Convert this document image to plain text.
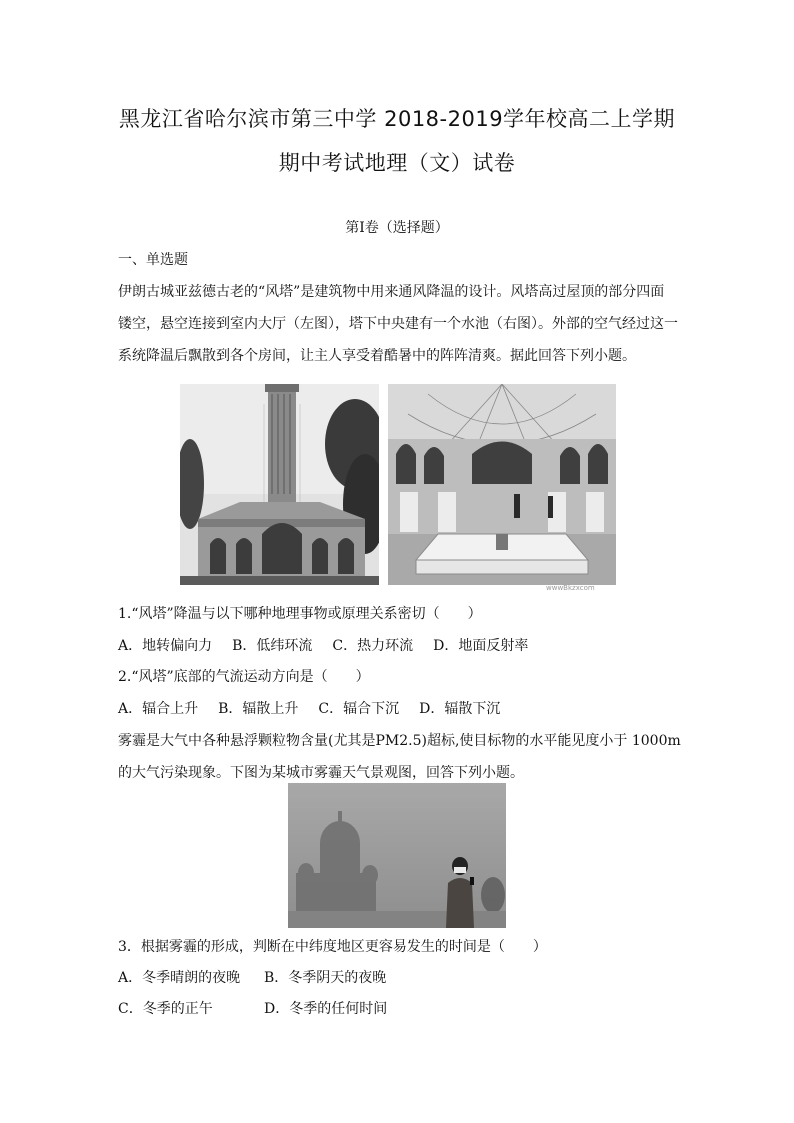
黑龙江省哈尔滨市第三中学 2018-2019学年校高二上学期
期中考试地理（文）试卷
第Ⅰ卷（选择题）
一、单选题
伊朗古城亚兹德古老的“风塔”是建筑物中用来通风降温的设计。风塔高过屋顶的部分四面
镂空，悬空连接到室内大厅（左图），塔下中央建有一个水池（右图）。外部的空气经过这一
系统降温后飘散到各个房间，让主人享受着酷暑中的阵阵清爽。据此回答下列小题。
wwwBkzxcom
1.“风塔”降温与以下哪种地理事物或原理关系密切（　　）
A．地转偏向力 B．低纬环流 C．热力环流 D．地面反射率
2.“风塔”底部的气流运动方向是（　　）
A．辐合上升 B．辐散上升 C．辐合下沉 D．辐散下沉
雾霾是大气中各种悬浮颗粒物含量(尤其是PM2.5)超标,使目标物的水平能见度小于 1000m
的大气污染现象。下图为某城市雾霾天气景观图，回答下列小题。
3．根据雾霾的形成，判断在中纬度地区更容易发生的时间是（　　）
A．冬季晴朗的夜晚 B．冬季阴天的夜晚
C．冬季的正午	D．冬季的任何时间
